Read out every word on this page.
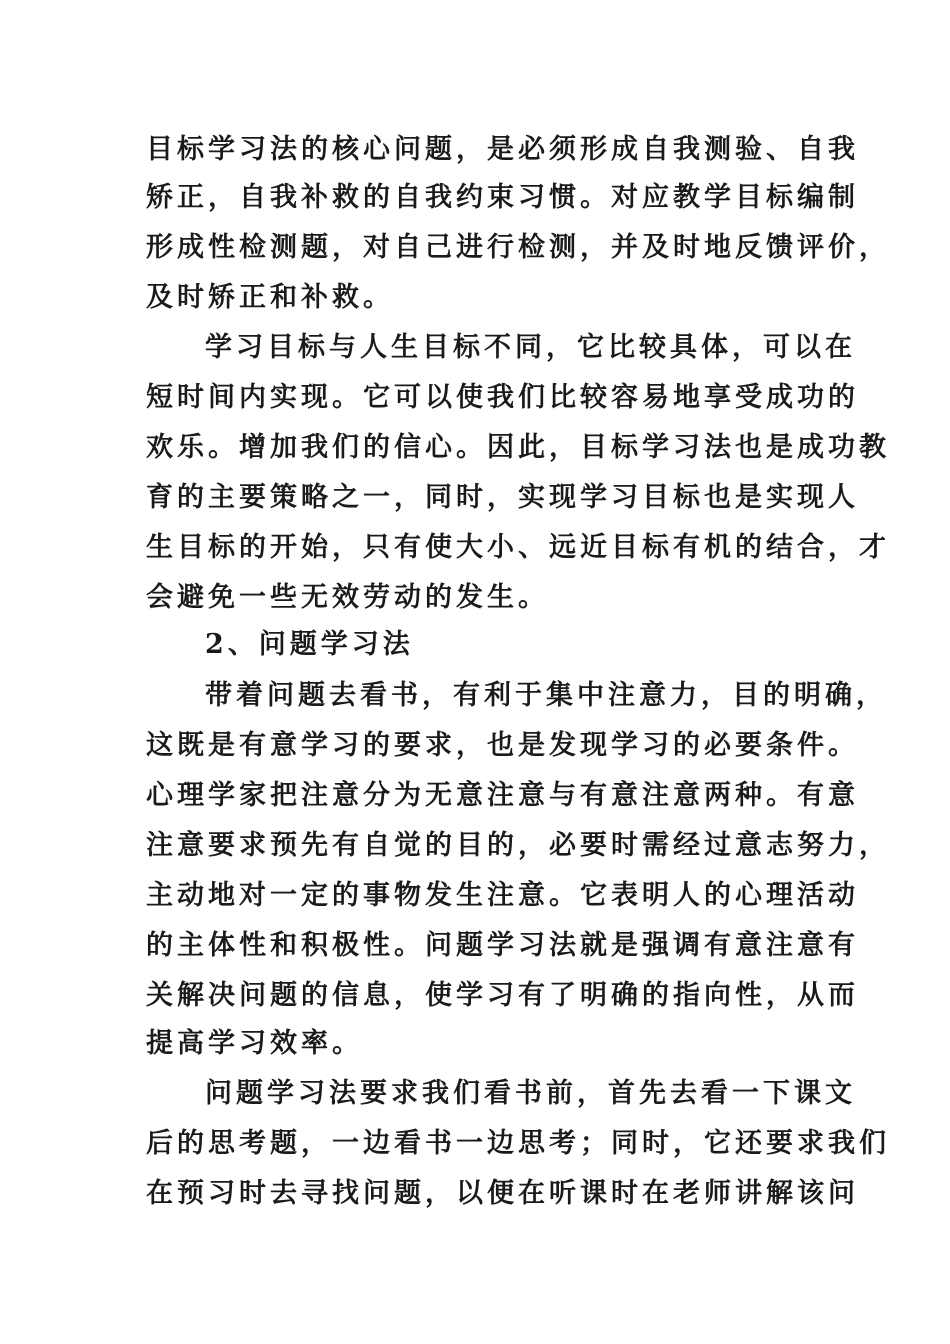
目标学习法的核心问题，是必须形成自我测验、自我
矫正，自我补救的自我约束习惯。对应教学目标编制
形成性检测题，对自己进行检测，并及时地反馈评价，
及时矫正和补救。
学习目标与人生目标不同，它比较具体，可以在
短时间内实现。它可以使我们比较容易地享受成功的
欢乐。增加我们的信心。因此，目标学习法也是成功教
育的主要策略之一，同时，实现学习目标也是实现人
生目标的开始，只有使大小、远近目标有机的结合，才
会避免一些无效劳动的发生。
2、问题学习法
带着问题去看书，有利于集中注意力，目的明确，
这既是有意学习的要求，也是发现学习的必要条件。
心理学家把注意分为无意注意与有意注意两种。有意
注意要求预先有自觉的目的，必要时需经过意志努力，
主动地对一定的事物发生注意。它表明人的心理活动
的主体性和积极性。问题学习法就是强调有意注意有
关解决问题的信息，使学习有了明确的指向性，从而
提高学习效率。
问题学习法要求我们看书前，首先去看一下课文
后的思考题，一边看书一边思考；同时，它还要求我们
在预习时去寻找问题，以便在听课时在老师讲解该问
